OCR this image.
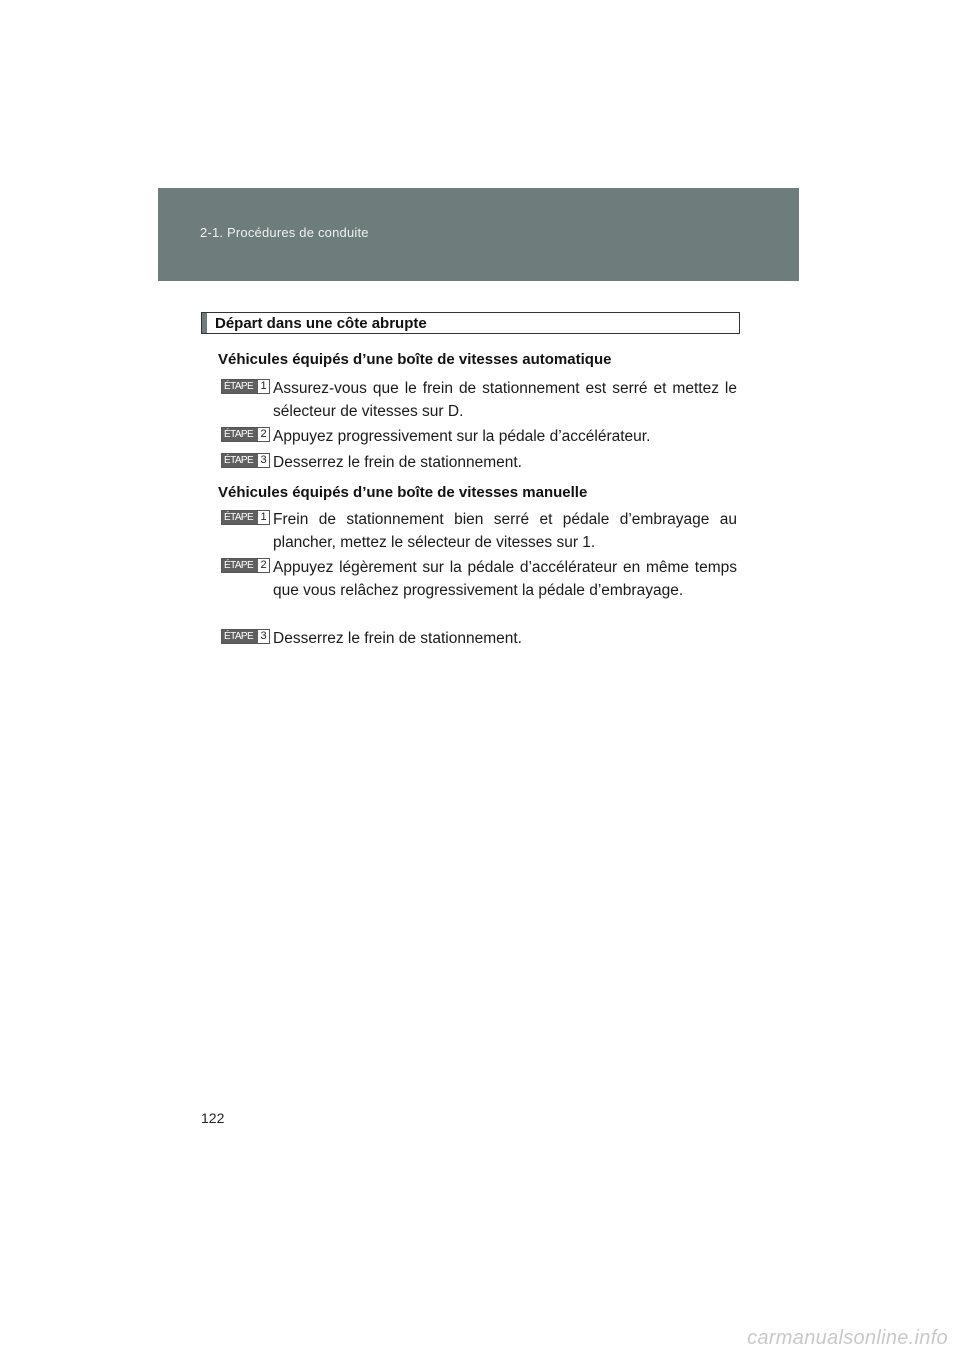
2-1. Procédures de conduite
Départ dans une côte abrupte
Véhicules équipés d’une boîte de vitesses automatique
ÉTAPE 1 Assurez-vous que le frein de stationnement est serré et mettez le sélecteur de vitesses sur D.
ÉTAPE 2 Appuyez progressivement sur la pédale d’accélérateur.
ÉTAPE 3 Desserrez le frein de stationnement.
Véhicules équipés d’une boîte de vitesses manuelle
ÉTAPE 1 Frein de stationnement bien serré et pédale d’embrayage au plancher, mettez le sélecteur de vitesses sur 1.
ÉTAPE 2 Appuyez légèrement sur la pédale d’accélérateur en même temps que vous relâchez progressivement la pédale d’embrayage.
ÉTAPE 3 Desserrez le frein de stationnement.
122
carmanualsonline.info
